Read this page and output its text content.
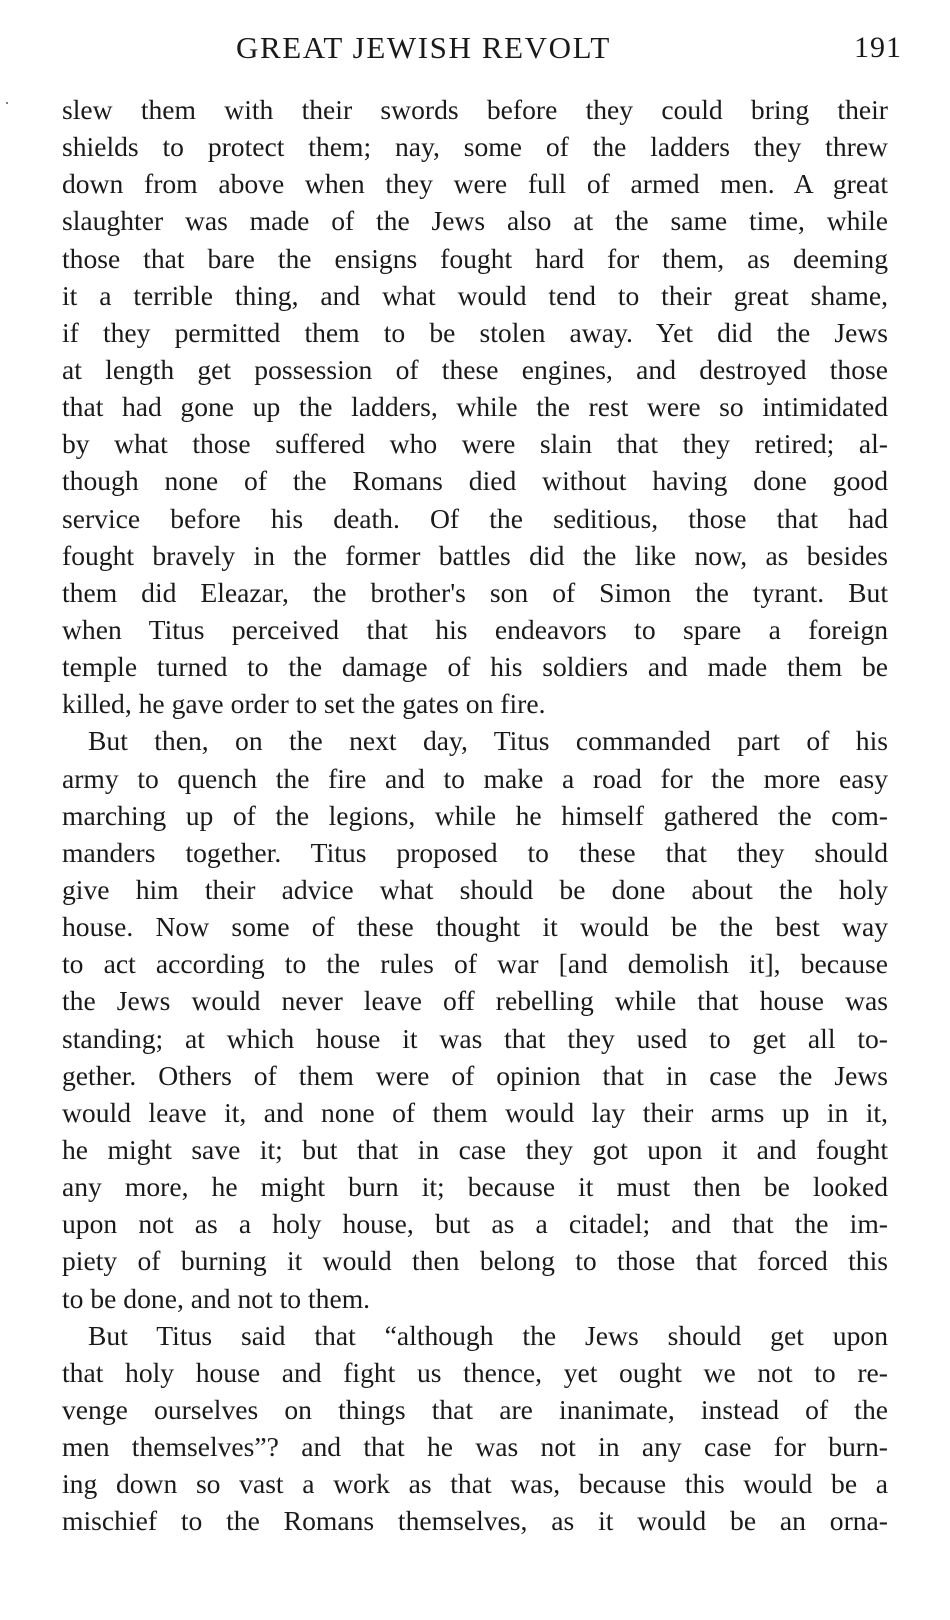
GREAT JEWISH REVOLT	191
slew them with their swords before they could bring their
shields to protect them; nay, some of the ladders they threw
down from above when they were full of armed men. A great
slaughter was made of the Jews also at the same time, while
those that bare the ensigns fought hard for them, as deeming
it a terrible thing, and what would tend to their great shame,
if they permitted them to be stolen away. Yet did the Jews
at length get possession of these engines, and destroyed those
that had gone up the ladders, while the rest were so intimidated
by what those suffered who were slain that they retired; al-
though none of the Romans died without having done good
service before his death. Of the seditious, those that had
fought bravely in the former battles did the like now, as besides
them did Eleazar, the brother's son of Simon the tyrant. But
when Titus perceived that his endeavors to spare a foreign
temple turned to the damage of his soldiers and made them be
killed, he gave order to set the gates on fire.
But then, on the next day, Titus commanded part of his
army to quench the fire and to make a road for the more easy
marching up of the legions, while he himself gathered the com-
manders together. Titus proposed to these that they should
give him their advice what should be done about the holy
house. Now some of these thought it would be the best way
to act according to the rules of war [and demolish it], because
the Jews would never leave off rebelling while that house was
standing; at which house it was that they used to get all to-
gether. Others of them were of opinion that in case the Jews
would leave it, and none of them would lay their arms up in it,
he might save it; but that in case they got upon it and fought
any more, he might burn it; because it must then be looked
upon not as a holy house, but as a citadel; and that the im-
piety of burning it would then belong to those that forced this
to be done, and not to them.
But Titus said that “although the Jews should get upon
that holy house and fight us thence, yet ought we not to re-
venge ourselves on things that are inanimate, instead of the
men themselves”? and that he was not in any case for burn-
ing down so vast a work as that was, because this would be a
mischief to the Romans themselves, as it would be an orna-
